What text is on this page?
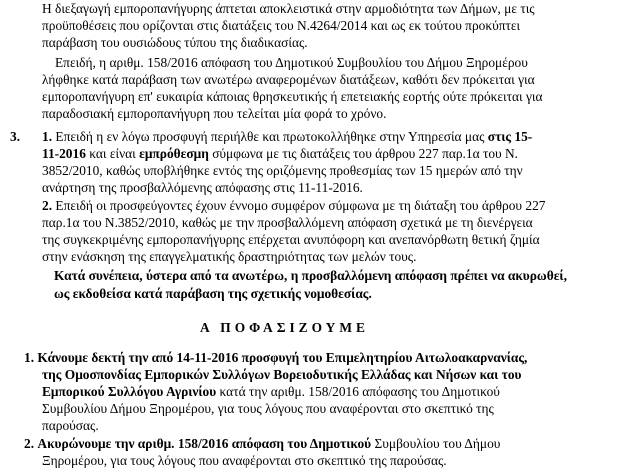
Η διεξαγωγή εμποροπανήγυρης άπτεται αποκλειστικά στην αρμοδιότητα των Δήμων, με τις
προϋποθέσεις που ορίζονται στις διατάξεις του Ν.4264/2014 και ως εκ τούτου προκύπτει
παράβαση του ουσιώδους τύπου της διαδικασίας.
Επειδή, η αριθμ. 158/2016 απόφαση του Δημοτικού Συμβουλίου του Δήμου Ξηρομέρου
λήφθηκε κατά παράβαση των ανωτέρω αναφερομένων διατάξεων, καθότι δεν πρόκειται για
εμποροπανήγυρη επ' ευκαιρία κάποιας θρησκευτικής ή επετειακής εορτής ούτε πρόκειται για
παραδοσιακή εμποροπανήγυρη που τελείται μία φορά το χρόνο.
3. 1. Επειδή η εν λόγω προσφυγή περιήλθε και πρωτοκολλήθηκε στην Υπηρεσία μας στις 15-
11-2016 και είναι εμπρόθεσμη σύμφωνα με τις διατάξεις του άρθρου 227 παρ.1α του Ν.
3852/2010, καθώς υποβλήθηκε εντός της οριζόμενης προθεσμίας των 15 ημερών από την
ανάρτηση της προσβαλλόμενης απόφασης στις 11-11-2016.
2. Επειδή οι προσφεύγοντες έχουν έννομο συμφέρον σύμφωνα με τη διάταξη του άρθρου 227
παρ.1α του Ν.3852/2010, καθώς με την προσβαλλόμενη απόφαση σχετικά με τη διενέργεια
της συγκεκριμένης εμποροπανήγυρης επέρχεται ανυπόφορη και ανεπανόρθωτη θετική ζημία
στην ενάσκηση της επαγγελματικής δραστηριότητας των μελών τους.
Κατά συνέπεια, ύστερα από τα ανωτέρω, η προσβαλλόμενη απόφαση πρέπει να ακυρωθεί,
ως εκδοθείσα κατά παράβαση της σχετικής νομοθεσίας.
Α ΠΟΦΑΣΙΖΟΥΜΕ
1. Κάνουμε δεκτή την από 14-11-2016 προσφυγή του Επιμελητηρίου Αιτωλοακαρνανίας,
της Ομοσπονδίας Εμπορικών Συλλόγων Βορειοδυτικής Ελλάδας και Νήσων και του
Εμπορικού Συλλόγου Αγρινίου κατά την αριθμ. 158/2016 απόφασης του Δημοτικού
Συμβουλίου Δήμου Ξηρομέρου, για τους λόγους που αναφέρονται στο σκεπτικό της
παρούσας.
2. Ακυρώνουμε την αριθμ. 158/2016 απόφαση του Δημοτικού Συμβουλίου του Δήμου
Ξηρομέρου, για τους λόγους που αναφέρονται στο σκεπτικό της παρούσας.
